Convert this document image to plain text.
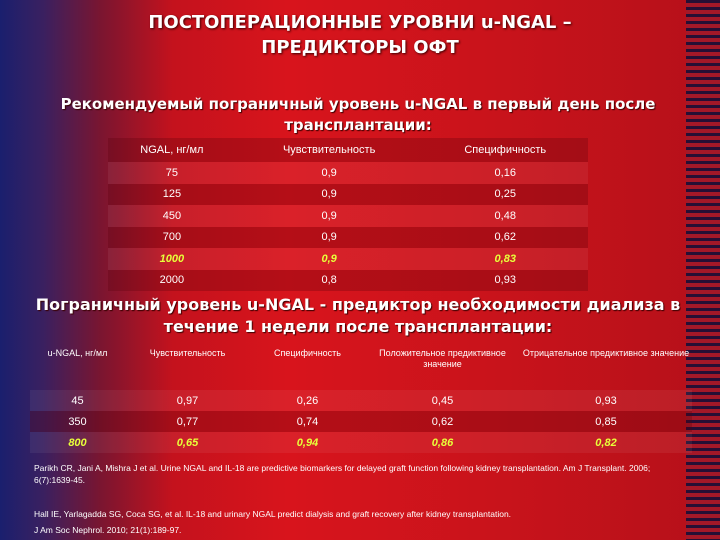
ПОСТОПЕРАЦИОННЫЕ УРОВНИ u-NGAL –
ПРЕДИКТОРЫ ОФТ
Рекомендуемый пограничный уровень u-NGAL в первый день после
трансплантации:
NGAL, нг/мл	Чувствительность	Специфичность
75	0,9	0,16
125	0,9	0,25
450	0,9	0,48
700	0,9	0,62
1000	0,9	0,83
2000	0,8	0,93
Пограничный уровень u-NGAL - предиктор необходимости диализа в
течение 1 недели после трансплантации:
u-NGAL, нг/мл	Чувствительность	Специфичность	Положительное предиктивное значение	Отрицательное предиктивное значение
45	0,97	0,26	0,45	0,93
350	0,77	0,74	0,62	0,85
800	0,65	0,94	0,86	0,82
Parikh CR, Jani A, Mishra J et al. Urine NGAL and IL-18 are predictive biomarkers for delayed graft function following kidney transplantation. Am J Transplant. 2006; 6(7):1639-45.
Hall IE, Yarlagadda SG, Coca SG, et al. IL-18 and urinary NGAL predict dialysis and graft recovery after kidney transplantation.
J Am Soc Nephrol. 2010; 21(1):189-97.
